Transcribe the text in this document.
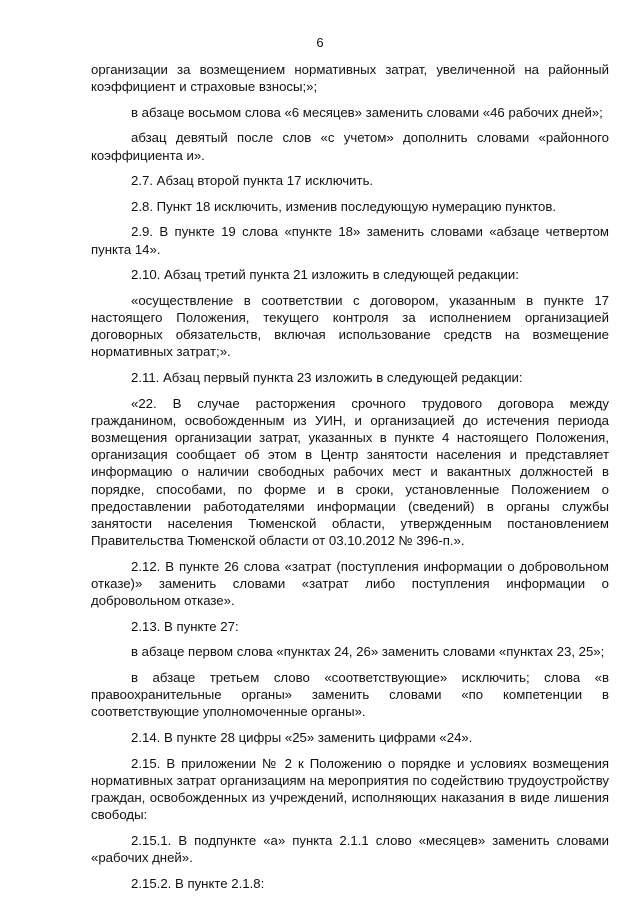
6

организации за возмещением нормативных затрат, увеличенной на районный коэффициент и страховые взносы;»;

в абзаце восьмом слова «6 месяцев» заменить словами «46 рабочих дней»;

абзац девятый после слов «с учетом» дополнить словами «районного коэффициента и».

2.7. Абзац второй пункта 17 исключить.

2.8. Пункт 18 исключить, изменив последующую нумерацию пунктов.

2.9. В пункте 19 слова «пункте 18» заменить словами «абзаце четвертом пункта 14».

2.10. Абзац третий пункта 21 изложить в следующей редакции:

«осуществление в соответствии с договором, указанным в пункте 17 настоящего Положения, текущего контроля за исполнением организацией договорных обязательств, включая использование средств на возмещение нормативных затрат;».

2.11. Абзац первый пункта 23 изложить в следующей редакции:

«22. В случае расторжения срочного трудового договора между гражданином, освобожденным из УИН, и организацией до истечения периода возмещения организации затрат, указанных в пункте 4 настоящего Положения, организация сообщает об этом в Центр занятости населения и представляет информацию о наличии свободных рабочих мест и вакантных должностей в порядке, способами, по форме и в сроки, установленные Положением о предоставлении работодателями информации (сведений) в органы службы занятости населения Тюменской области, утвержденным постановлением Правительства Тюменской области от 03.10.2012 № 396-п.».

2.12. В пункте 26 слова «затрат (поступления информации о добровольном отказе)» заменить словами «затрат либо поступления информации о добровольном отказе».

2.13. В пункте 27:

в абзаце первом слова «пунктах 24, 26» заменить словами «пунктах 23, 25»;

в абзаце третьем слово «соответствующие» исключить; слова «в правоохранительные органы» заменить словами «по компетенции в соответствующие уполномоченные органы».

2.14. В пункте 28 цифры «25» заменить цифрами «24».

2.15. В приложении № 2 к Положению о порядке и условиях возмещения нормативных затрат организациям на мероприятия по содействию трудоустройству граждан, освобожденных из учреждений, исполняющих наказания в виде лишения свободы:

2.15.1. В подпункте «а» пункта 2.1.1 слово «месяцев» заменить словами «рабочих дней».

2.15.2. В пункте 2.1.8:
